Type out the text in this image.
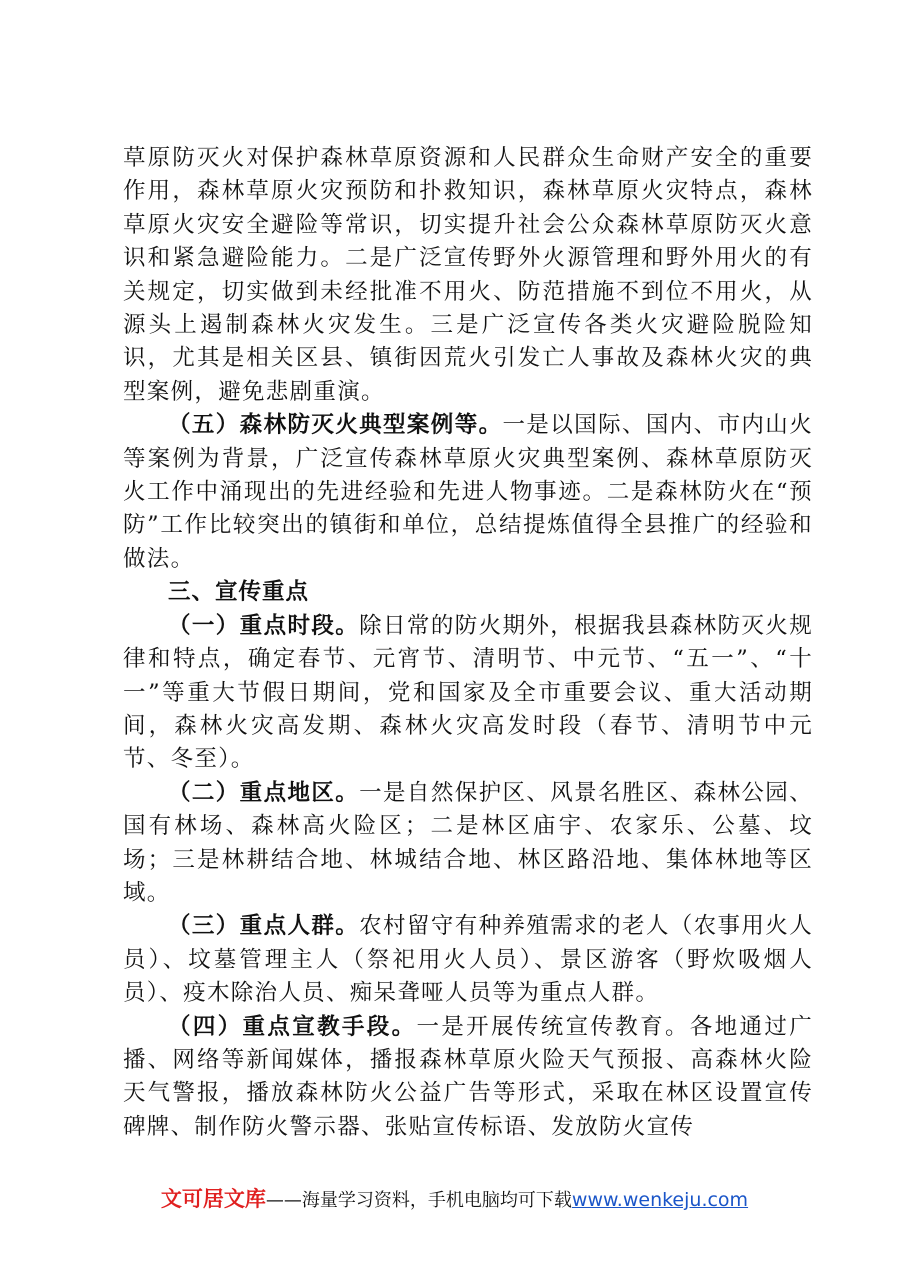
草原防灭火对保护森林草原资源和人民群众生命财产安全的重要作用，森林草原火灾预防和扑救知识，森林草原火灾特点，森林草原火灾安全避险等常识，切实提升社会公众森林草原防灭火意识和紧急避险能力。二是广泛宣传野外火源管理和野外用火的有关规定，切实做到未经批准不用火、防范措施不到位不用火，从源头上遏制森林火灾发生。三是广泛宣传各类火灾避险脱险知识，尤其是相关区县、镇街因荒火引发亡人事故及森林火灾的典型案例，避免悲剧重演。

（五）森林防灭火典型案例等。一是以国际、国内、市内山火等案例为背景，广泛宣传森林草原火灾典型案例、森林草原防灭火工作中涌现出的先进经验和先进人物事迹。二是森林防火在“预防”工作比较突出的镇街和单位，总结提炼值得全县推广的经验和做法。

三、宣传重点

（一）重点时段。除日常的防火期外，根据我县森林防灭火规律和特点，确定春节、元宵节、清明节、中元节、“五一”、“十一”等重大节假日期间，党和国家及全市重要会议、重大活动期间，森林火灾高发期、森林火灾高发时段（春节、清明节中元节、冬至）。

（二）重点地区。一是自然保护区、风景名胜区、森林公园、国有林场、森林高火险区；二是林区庙宇、农家乐、公墓、坟场；三是林耕结合地、林城结合地、林区路沿地、集体林地等区域。

（三）重点人群。农村留守有种养殖需求的老人（农事用火人员）、坟墓管理主人（祭祀用火人员）、景区游客（野炊吸烟人员）、疫木除治人员、痴呆聋哑人员等为重点人群。

（四）重点宣教手段。一是开展传统宣传教育。各地通过广播、网络等新闻媒体，播报森林草原火险天气预报、高森林火险天气警报，播放森林防火公益广告等形式，采取在林区设置宣传碑牌、制作防火警示器、张贴宣传标语、发放防火宣传

文可居文库——海量学习资料，手机电脑均可下载www.wenkeju.com
